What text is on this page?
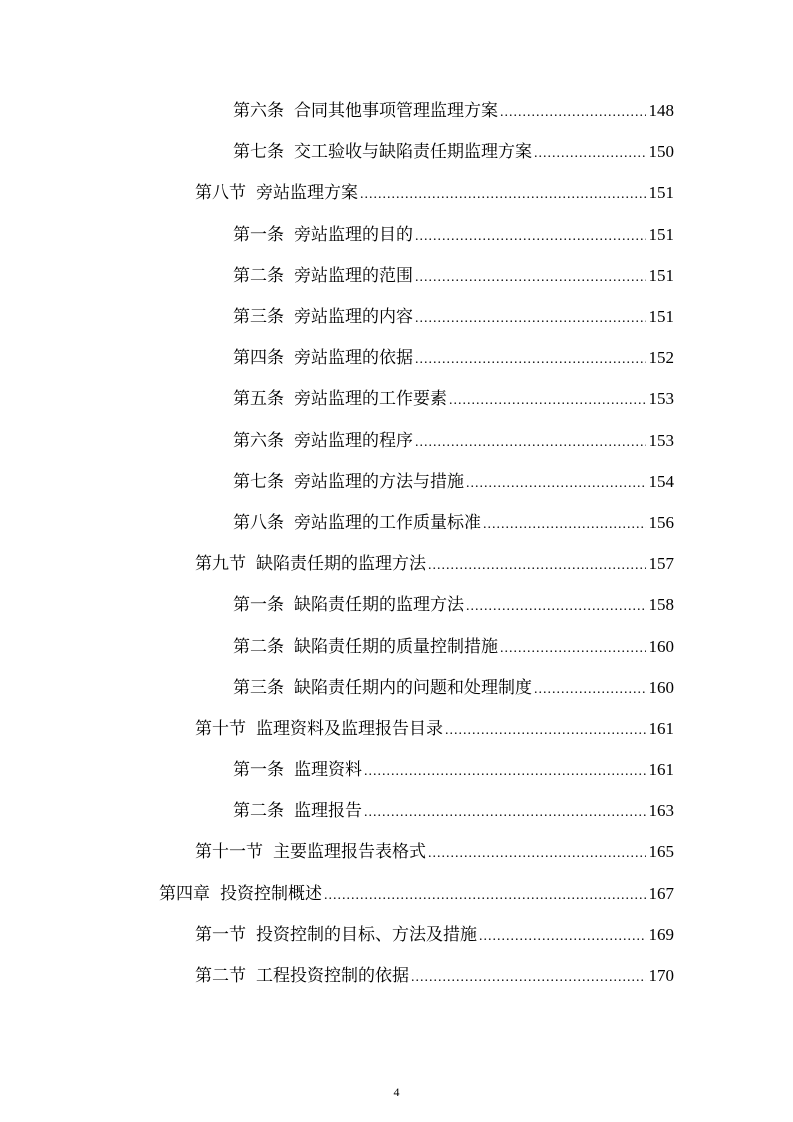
第六条 合同其他事项管理监理方案 .....	148
第七条 交工验收与缺陷责任期监理方案 .....	150
第八节 旁站监理方案 .....	151
第一条 旁站监理的目的 .....	151
第二条 旁站监理的范围 .....	151
第三条 旁站监理的内容 .....	151
第四条 旁站监理的依据 .....	152
第五条 旁站监理的工作要素 .....	153
第六条 旁站监理的程序 .....	153
第七条 旁站监理的方法与措施 .....	154
第八条 旁站监理的工作质量标准 .....	156
第九节 缺陷责任期的监理方法 .....	157
第一条 缺陷责任期的监理方法 .....	158
第二条 缺陷责任期的质量控制措施 .....	160
第三条 缺陷责任期内的问题和处理制度 .....	160
第十节 监理资料及监理报告目录 .....	161
第一条 监理资料 .....	161
第二条 监理报告 .....	163
第十一节 主要监理报告表格式 .....	165
第四章 投资控制概述 .....	167
第一节 投资控制的目标、方法及措施 .....	169
第二节 工程投资控制的依据 .....	170
4
